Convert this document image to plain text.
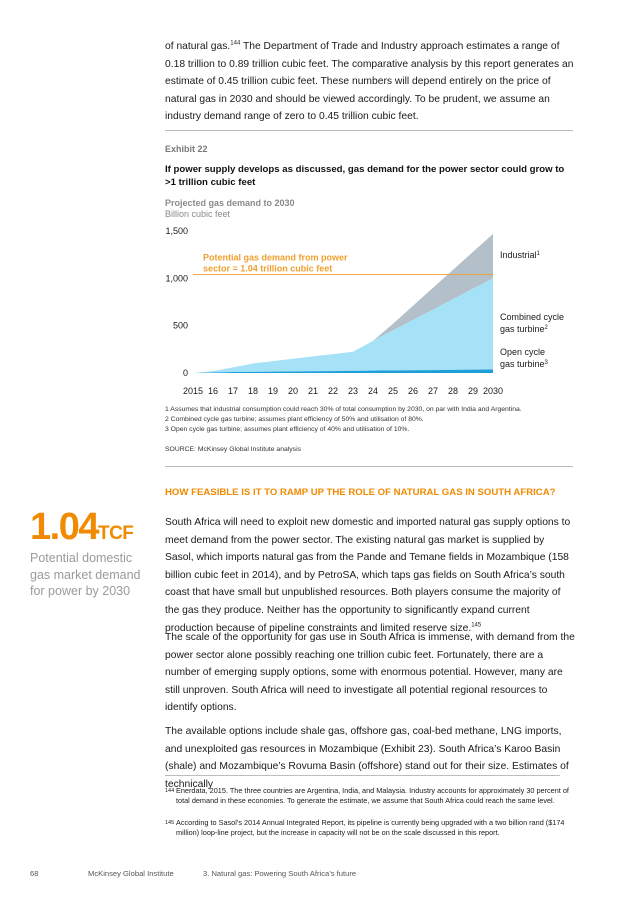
of natural gas.$^{144}$ The Department of Trade and Industry approach estimates a range of 0.18 trillion to 0.89 trillion cubic feet. The comparative analysis by this report generates an estimate of 0.45 trillion cubic feet. These numbers will depend entirely on the price of natural gas in 2030 and should be viewed accordingly. To be prudent, we assume an industry demand range of zero to 0.45 trillion cubic feet.

Exhibit 22
If power supply develops as discussed, gas demand for the power sector could grow to >1 trillion cubic feet
Projected gas demand to 2030
Billion cubic feet
Potential gas demand from power
sector = 1.04 trillion cubic feet
0
500
1,000
1,500
2015 16 17 18 19 20 21 22 23 24 25 26 27 28 29 2030
Industrial$^1$
Combined cycle
gas turbine$^2$
Open cycle
gas turbine$^3$
1 Assumes that industrial consumption could reach 30% of total consumption by 2030, on par with India and Argentina.
2 Combined cycle gas turbine; assumes plant efficiency of 50% and utilisation of 80%.
3 Open cycle gas turbine; assumes plant efficiency of 40% and utilisation of 10%.
SOURCE: McKinsey Global Institute analysis
HOW FEASIBLE IS IT TO RAMP UP THE ROLE OF NATURAL GAS IN SOUTH AFRICA?
1.04TCF
Potential domestic gas market demand for power by 2030

South Africa will need to exploit new domestic and imported natural gas supply options to meet demand from the power sector. The existing natural gas market is supplied by Sasol, which imports natural gas from the Pande and Temane fields in Mozambique (158 billion cubic feet in 2014), and by PetroSA, which taps gas fields on South Africa’s south coast that have small but unpublished resources. Both players consume the majority of the gas they produce. Neither has the opportunity to significantly expand current production because of pipeline constraints and limited reserve size.$^{145}$

The scale of the opportunity for gas use in South Africa is immense, with demand from the power sector alone possibly reaching one trillion cubic feet. Fortunately, there are a number of emerging supply options, some with enormous potential. However, many are still unproven. South Africa will need to investigate all potential regional resources to identify options.

The available options include shale gas, offshore gas, coal-bed methane, LNG imports, and unexploited gas resources in Mozambique (Exhibit 23). South Africa’s Karoo Basin (shale) and Mozambique’s Rovuma Basin (offshore) stand out for their size. Estimates of technically

144 Enerdata, 2015. The three countries are Argentina, India, and Malaysia. Industry accounts for approximately 30 percent of total demand in these economies. To generate the estimate, we assume that South Africa could reach the same level.
145 According to Sasol’s 2014 Annual Integrated Report, its pipeline is currently being upgraded with a two billion rand ($174 million) loop-line project, but the increase in capacity will not be on the scale discussed in this report.
68	McKinsey Global Institute	3. Natural gas: Powering South Africa’s future
